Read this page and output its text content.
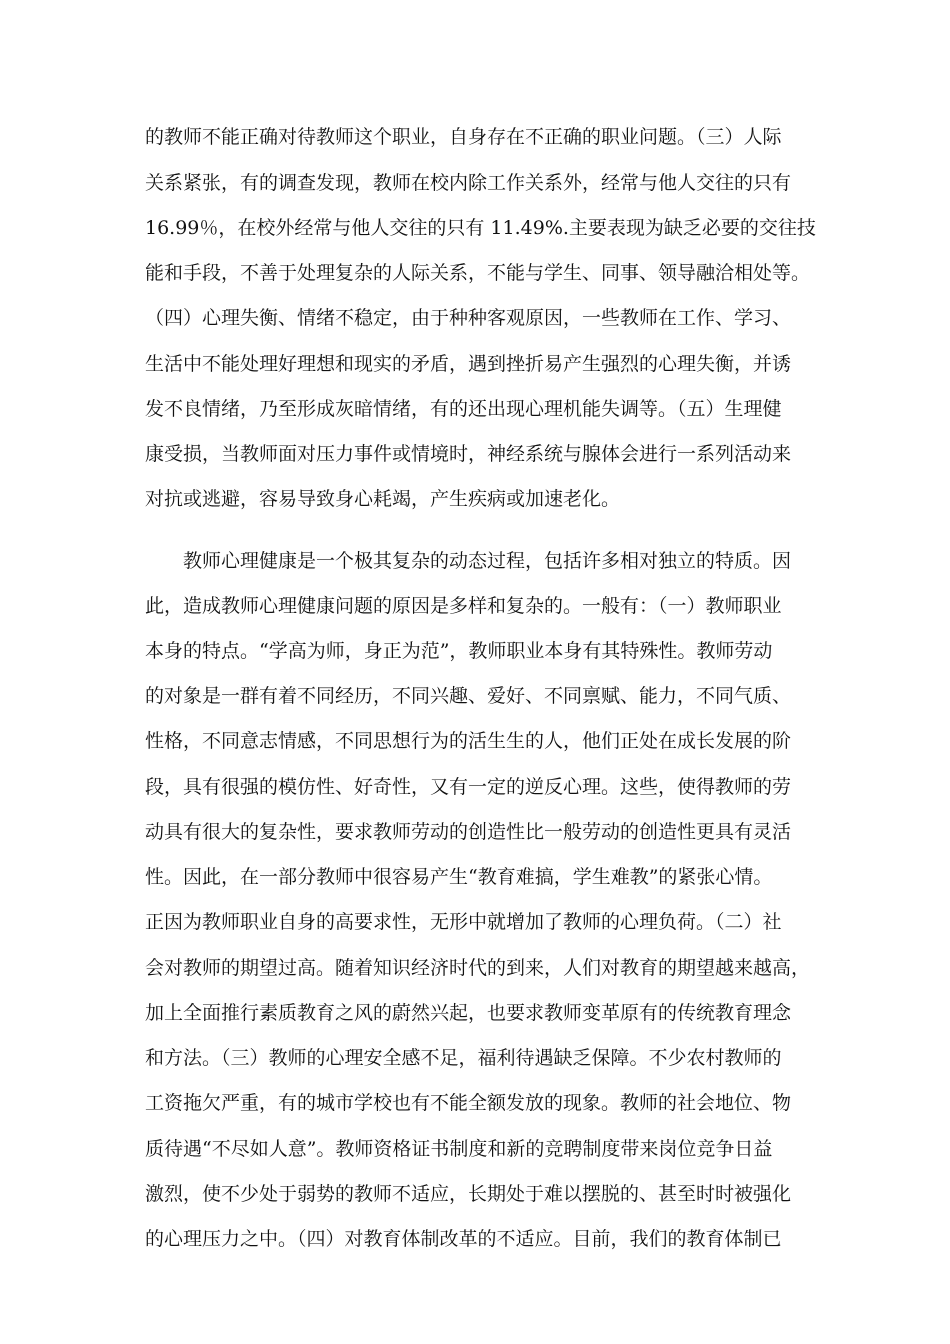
的教师不能正确对待教师这个职业，自身存在不正确的职业问题。（三）人际
关系紧张，有的调查发现，教师在校内除工作关系外，经常与他人交往的只有
16.99％，在校外经常与他人交往的只有 11.49%.主要表现为缺乏必要的交往技
能和手段，不善于处理复杂的人际关系，不能与学生、同事、领导融洽相处等。
（四）心理失衡、情绪不稳定，由于种种客观原因，一些教师在工作、学习、
生活中不能处理好理想和现实的矛盾，遇到挫折易产生强烈的心理失衡，并诱
发不良情绪，乃至形成灰暗情绪，有的还出现心理机能失调等。（五）生理健
康受损，当教师面对压力事件或情境时，神经系统与腺体会进行一系列活动来
对抗或逃避，容易导致身心耗竭，产生疾病或加速老化。
教师心理健康是一个极其复杂的动态过程，包括许多相对独立的特质。因
此，造成教师心理健康问题的原因是多样和复杂的。一般有：（一）教师职业
本身的特点。“学高为师，身正为范”，教师职业本身有其特殊性。教师劳动
的对象是一群有着不同经历，不同兴趣、爱好、不同禀赋、能力，不同气质、
性格，不同意志情感，不同思想行为的活生生的人，他们正处在成长发展的阶
段，具有很强的模仿性、好奇性，又有一定的逆反心理。这些，使得教师的劳
动具有很大的复杂性，要求教师劳动的创造性比一般劳动的创造性更具有灵活
性。因此，在一部分教师中很容易产生“教育难搞，学生难教”的紧张心情。
正因为教师职业自身的高要求性，无形中就增加了教师的心理负荷。（二）社
会对教师的期望过高。随着知识经济时代的到来，人们对教育的期望越来越高，
加上全面推行素质教育之风的蔚然兴起，也要求教师变革原有的传统教育理念
和方法。（三）教师的心理安全感不足，福利待遇缺乏保障。不少农村教师的
工资拖欠严重，有的城市学校也有不能全额发放的现象。教师的社会地位、物
质待遇“不尽如人意”。教师资格证书制度和新的竞聘制度带来岗位竞争日益
激烈，使不少处于弱势的教师不适应，长期处于难以摆脱的、甚至时时被强化
的心理压力之中。（四）对教育体制改革的不适应。目前，我们的教育体制已
